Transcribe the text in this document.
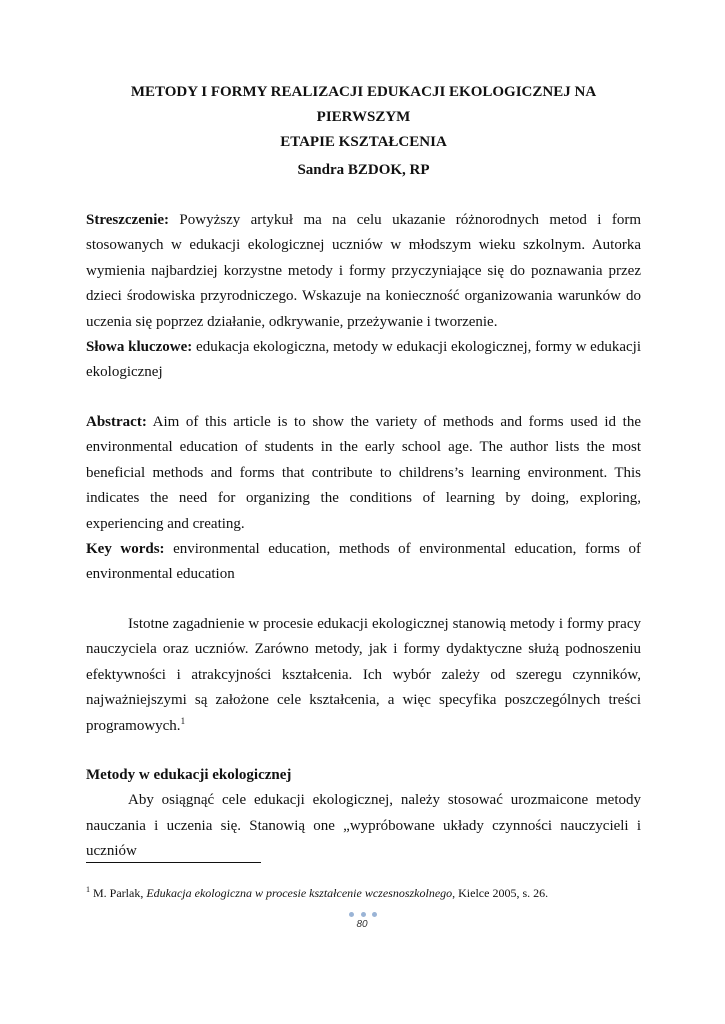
METODY I FORMY REALIZACJI EDUKACJI EKOLOGICZNEJ NA PIERWSZYM
ETAPIE KSZTAŁCENIA
Sandra BZDOK, RP

Streszczenie: Powyższy artykuł ma na celu ukazanie różnorodnych metod i form stosowanych w edukacji ekologicznej uczniów w młodszym wieku szkolnym. Autorka wymienia najbardziej korzystne metody i formy przyczyniające się do poznawania przez dzieci środowiska przyrodniczego. Wskazuje na konieczność organizowania warunków do uczenia się poprzez działanie, odkrywanie, przeżywanie i tworzenie.

Słowa kluczowe: edukacja ekologiczna, metody w edukacji ekologicznej, formy w edukacji ekologicznej

Abstract: Aim of this article is to show the variety of methods and forms used id the environmental education of students in the early school age. The author lists the most beneficial methods and forms that contribute to childrens’s learning environment. This indicates the need for organizing the conditions of learning by doing, exploring, experiencing and creating.

Key words: environmental education, methods of environmental education, forms of environmental education

Istotne zagadnienie w procesie edukacji ekologicznej stanowią metody i formy pracy nauczyciela oraz uczniów. Zarówno metody, jak i formy dydaktyczne służą podnoszeniu efektywności i atrakcyjności kształcenia. Ich wybór zależy od szeregu czynników, najważniejszymi są założone cele kształcenia, a więc specyfika poszczególnych treści programowych.$^1$

Metody w edukacji ekologicznej

Aby osiągnąć cele edukacji ekologicznej, należy stosować urozmaicone metody nauczania i uczenia się. Stanowią one „wypróbowane układy czynności nauczycieli i uczniów

$^1$ M. Parlak, Edukacja ekologiczna w procesie kształcenie wczesnoszkolnego, Kielce 2005, s. 26.
80
